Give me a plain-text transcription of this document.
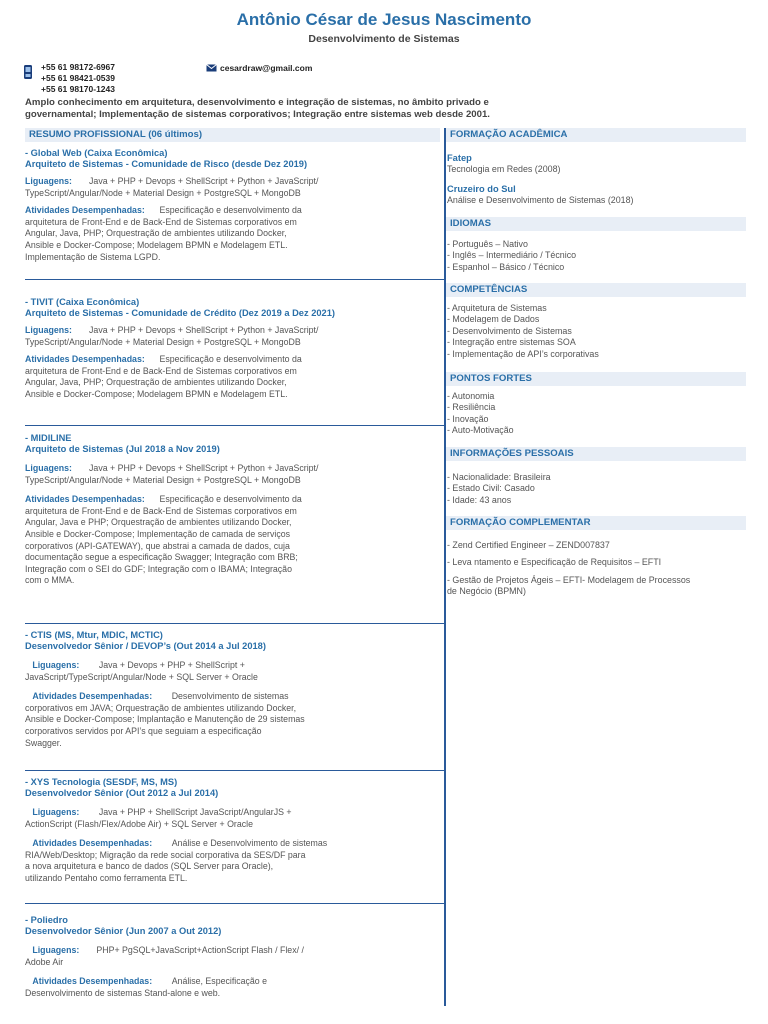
Antônio César de Jesus Nascimento
Desenvolvimento de Sistemas
+55 61 98172-6967
+55 61 98421-0539
+55 61 98170-1243
cesardraw@gmail.com
Amplo conhecimento em arquitetura, desenvolvimento e integração de sistemas, no âmbito privado e governamental; Implementação de sistemas corporativos; Integração entre sistemas web desde 2001.
RESUMO PROFISSIONAL (06 últimos)
- Global Web (Caixa Econômica)
Arquiteto de Sistemas - Comunidade de Risco (desde Dez 2019)

Liguagens: Java + PHP + Devops + ShellScript + Python + JavaScript/

TypeScript/Angular/Node + Material Design + PostgreSQL + MongoDB

Atividades Desempenhadas: Especificação e desenvolvimento da

arquitetura de Front-End e de Back-End de Sistemas corporativos em

Angular, Java, PHP; Orquestração de ambientes utilizando Docker,

Ansible e Docker-Compose; Modelagem BPMN e Modelagem ETL.

Implementação de Sistema LGPD.

- TIVIT (Caixa Econômica)
Arquiteto de Sistemas - Comunidade de Crédito (Dez 2019 a Dez 2021)

Liguagens: Java + PHP + Devops + ShellScript + Python + JavaScript/

TypeScript/Angular/Node + Material Design + PostgreSQL + MongoDB

Atividades Desempenhadas: Especificação e desenvolvimento da

arquitetura de Front-End e de Back-End de Sistemas corporativos em

Angular, Java, PHP; Orquestração de ambientes utilizando Docker,

Ansible e Docker-Compose; Modelagem BPMN e Modelagem ETL.

- MIDILINE
Arquiteto de Sistemas (Jul 2018 a Nov 2019)

Liguagens: Java + PHP + Devops + ShellScript + Python + JavaScript/

TypeScript/Angular/Node + Material Design + PostgreSQL + MongoDB

Atividades Desempenhadas: Especificação e desenvolvimento da

arquitetura de Front-End e de Back-End de Sistemas corporativos em

Angular, Java e PHP; Orquestração de ambientes utilizando Docker,

Ansible e Docker-Compose; Implementação de camada de serviços

corporativos (API-GATEWAY), que abstrai a camada de dados, cuja

documentação segue a especificação Swagger; Integração com BRB;

Integração com o SEI do GDF; Integração com o IBAMA; Integração

com o MMA.

- CTIS (MS, Mtur, MDIC, MCTIC)
Desenvolvedor Sênior / DEVOP’s (Out 2014 a Jul 2018)

Liguagens: Java + Devops + PHP + ShellScript +

JavaScript/TypeScript/Angular/Node + SQL Server + Oracle

Atividades Desempenhadas: Desenvolvimento de sistemas

corporativos em JAVA; Orquestração de ambientes utilizando Docker,

Ansible e Docker-Compose; Implantação e Manutenção de 29 sistemas

corporativos servidos por API’s que seguiam a especificação

Swagger.

- XYS Tecnologia (SESDF, MS, MS)
Desenvolvedor Sênior (Out 2012 a Jul 2014)

Liguagens: Java + PHP + ShellScript JavaScript/AngularJS +

ActionScript (Flash/Flex/Adobe Air) + SQL Server + Oracle

Atividades Desempenhadas: Análise e Desenvolvimento de sistemas

RIA/Web/Desktop; Migração da rede social corporativa da SES/DF para

a nova arquitetura e banco de dados (SQL Server para Oracle),

utilizando Pentaho como ferramenta ETL.

- Poliedro
Desenvolvedor Sênior (Jun 2007 a Out 2012)

Liguagens: PHP+ PgSQL+JavaScript+ActionScript Flash / Flex/ /

Adobe Air

Atividades Desempenhadas: Análise, Especificação e

Desenvolvimento de sistemas Stand-alone e web.

FORMAÇÃO ACADÊMICA
Fatep
Tecnologia em Redes (2008)
Cruzeiro do Sul
Análise e Desenvolvimento de Sistemas (2018)
IDIOMAS
- Português – Nativo
- Inglês – Intermediário / Técnico
- Espanhol – Básico / Técnico
COMPETÊNCIAS
- Arquitetura de Sistemas
- Modelagem de Dados
- Desenvolvimento de Sistemas
- Integração entre sistemas SOA
- Implementação de API’s corporativas
PONTOS FORTES
- Autonomia
- Resiliência
- Inovação
- Auto-Motivação
INFORMAÇÕES PESSOAIS
- Nacionalidade: Brasileira
- Estado Civil: Casado
- Idade: 43 anos
FORMAÇÃO COMPLEMENTAR
- Zend Certified Engineer – ZEND007837
- Leva ntamento e Especificação de Requisitos – EFTI
- Gestão de Projetos Ágeis – EFTI- Modelagem de Processos de Negócio (BPMN)
